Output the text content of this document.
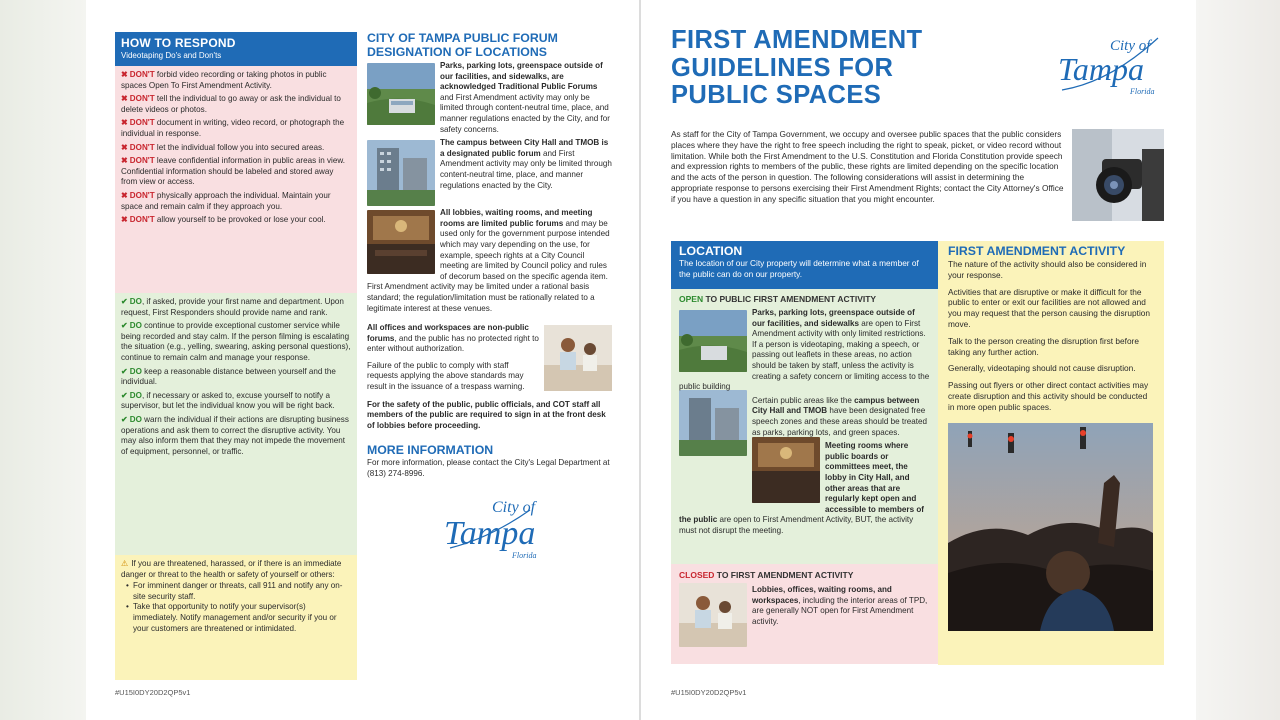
HOW TO RESPOND

Videotaping Do's and Don'ts

✖ DON'T forbid video recording or taking photos in public spaces Open To First Amendment Activity.
✖ DON'T tell the individual to go away or ask the individual to delete videos or photos.
✖ DON'T document in writing, video record, or photograph the individual in response.
✖ DON'T let the individual follow you into secured areas.
✖ DON'T leave confidential information in public areas in view. Confidential information should be labeled and stored away from view or access.
✖ DON'T physically approach the individual. Maintain your space and remain calm if they approach you.
✖ DON'T allow yourself to be provoked or lose your cool.
✔ DO, if asked, provide your first name and department. Upon request, First Responders should provide name and rank.
✔ DO continue to provide exceptional customer service while being recorded and stay calm. If the person filming is escalating the situation (e.g., yelling, swearing, asking personal questions), continue to remain calm and manage your response.
✔ DO keep a reasonable distance between yourself and the individual.
✔ DO, if necessary or asked to, excuse yourself to notify a supervisor, but let the individual know you will be right back.
✔ DO warn the individual if their actions are disrupting business operations and ask them to correct the disruptive activity. You may also inform them that they may not impede the movement of equipment, personnel, or traffic.
⚠ If you are threatened, harassed, or if there is an immediate danger or threat to the health or safety of yourself or others:
• For imminent danger or threats, call 911 and notify any on-site security staff.
• Take that opportunity to notify your supervisor(s) immediately. Notify management and/or security if you or your customers are threatened or intimidated.
CITY OF TAMPA PUBLIC FORUM DESIGNATION OF LOCATIONS
Parks, parking lots, greenspace outside of our facilities, and sidewalks, are acknowledged Traditional Public Forums and First Amendment activity may only be limited through content-neutral time, place, and manner regulations enacted by the City, and for safety concerns.
The campus between City Hall and TMOB is a designated public forum and First Amendment activity may only be limited through content-neutral time, place, and manner regulations enacted by the City.
All lobbies, waiting rooms, and meeting rooms are limited public forums and may be used only for the government purpose intended which may vary depending on the use, for example, speech rights at a City Council meeting are limited by Council policy and rules of decorum based on the specific agenda item. First Amendment activity may be limited under a rational basis standard; the regulation/limitation must be rationally related to a legitimate interest at these venues.
All offices and workspaces are non-public forums, and the public has no protected right to enter without authorization.
Failure of the public to comply with staff requests applying the above standards may result in the issuance of a trespass warning.
For the safety of the public, public officials, and COT staff all members of the public are required to sign in at the front desk of lobbies before proceeding.
MORE INFORMATION
For more information, please contact the City's Legal Department at (813) 274-8996.
City of
Tampa
Florida
#U15I0DY20D2QP5v1
FIRST AMENDMENT GUIDELINES FOR PUBLIC SPACES
City of
Tampa
Florida

As staff for the City of Tampa Government, we occupy and oversee public spaces that the public considers places where they have the right to free speech including the right to speak, picket, or video record without limitation. While both the First Amendment to the U.S. Constitution and Florida Constitution provide speech and expression rights to members of the public, these rights are limited depending on the specific location and the acts of the person in question. The following considerations will assist in determining the appropriate response to persons exercising their First Amendment Rights; contact the City Attorney's Office if you have a question in any specific situation that you might encounter.

LOCATION

The location of our City property will determine what a member of the public can do on our property.

OPEN TO PUBLIC FIRST AMENDMENT ACTIVITY
Parks, parking lots, greenspace outside of our facilities, and sidewalks are open to First Amendment activity with only limited restrictions. If a person is videotaping, making a speech, or passing out leaflets in these areas, no action should be taken by staff, unless the activity is creating a safety concern or limiting access to the public building
Certain public areas like the campus between City Hall and TMOB have been designated free speech zones and these areas should be treated as parks, parking lots, and green spaces.
Meeting rooms where public boards or committees meet, the lobby in City Hall, and other areas that are regularly kept open and accessible to members of the public are open to First Amendment Activity, BUT, the activity must not disrupt the meeting.
CLOSED TO FIRST AMENDMENT ACTIVITY
Lobbies, offices, waiting rooms, and workspaces, including the interior areas of TPD, are generally NOT open for First Amendment activity.
FIRST AMENDMENT ACTIVITY

The nature of the activity should also be considered in your response.

Activities that are disruptive or make it difficult for the public to enter or exit our facilities are not allowed and you may request that the person causing the disruption move.

Talk to the person creating the disruption first before taking any further action.

Generally, videotaping should not cause disruption.

Passing out flyers or other direct contact activities may create disruption and this activity should be conducted in more open public spaces.

#U15I0DY20D2QP5v1
